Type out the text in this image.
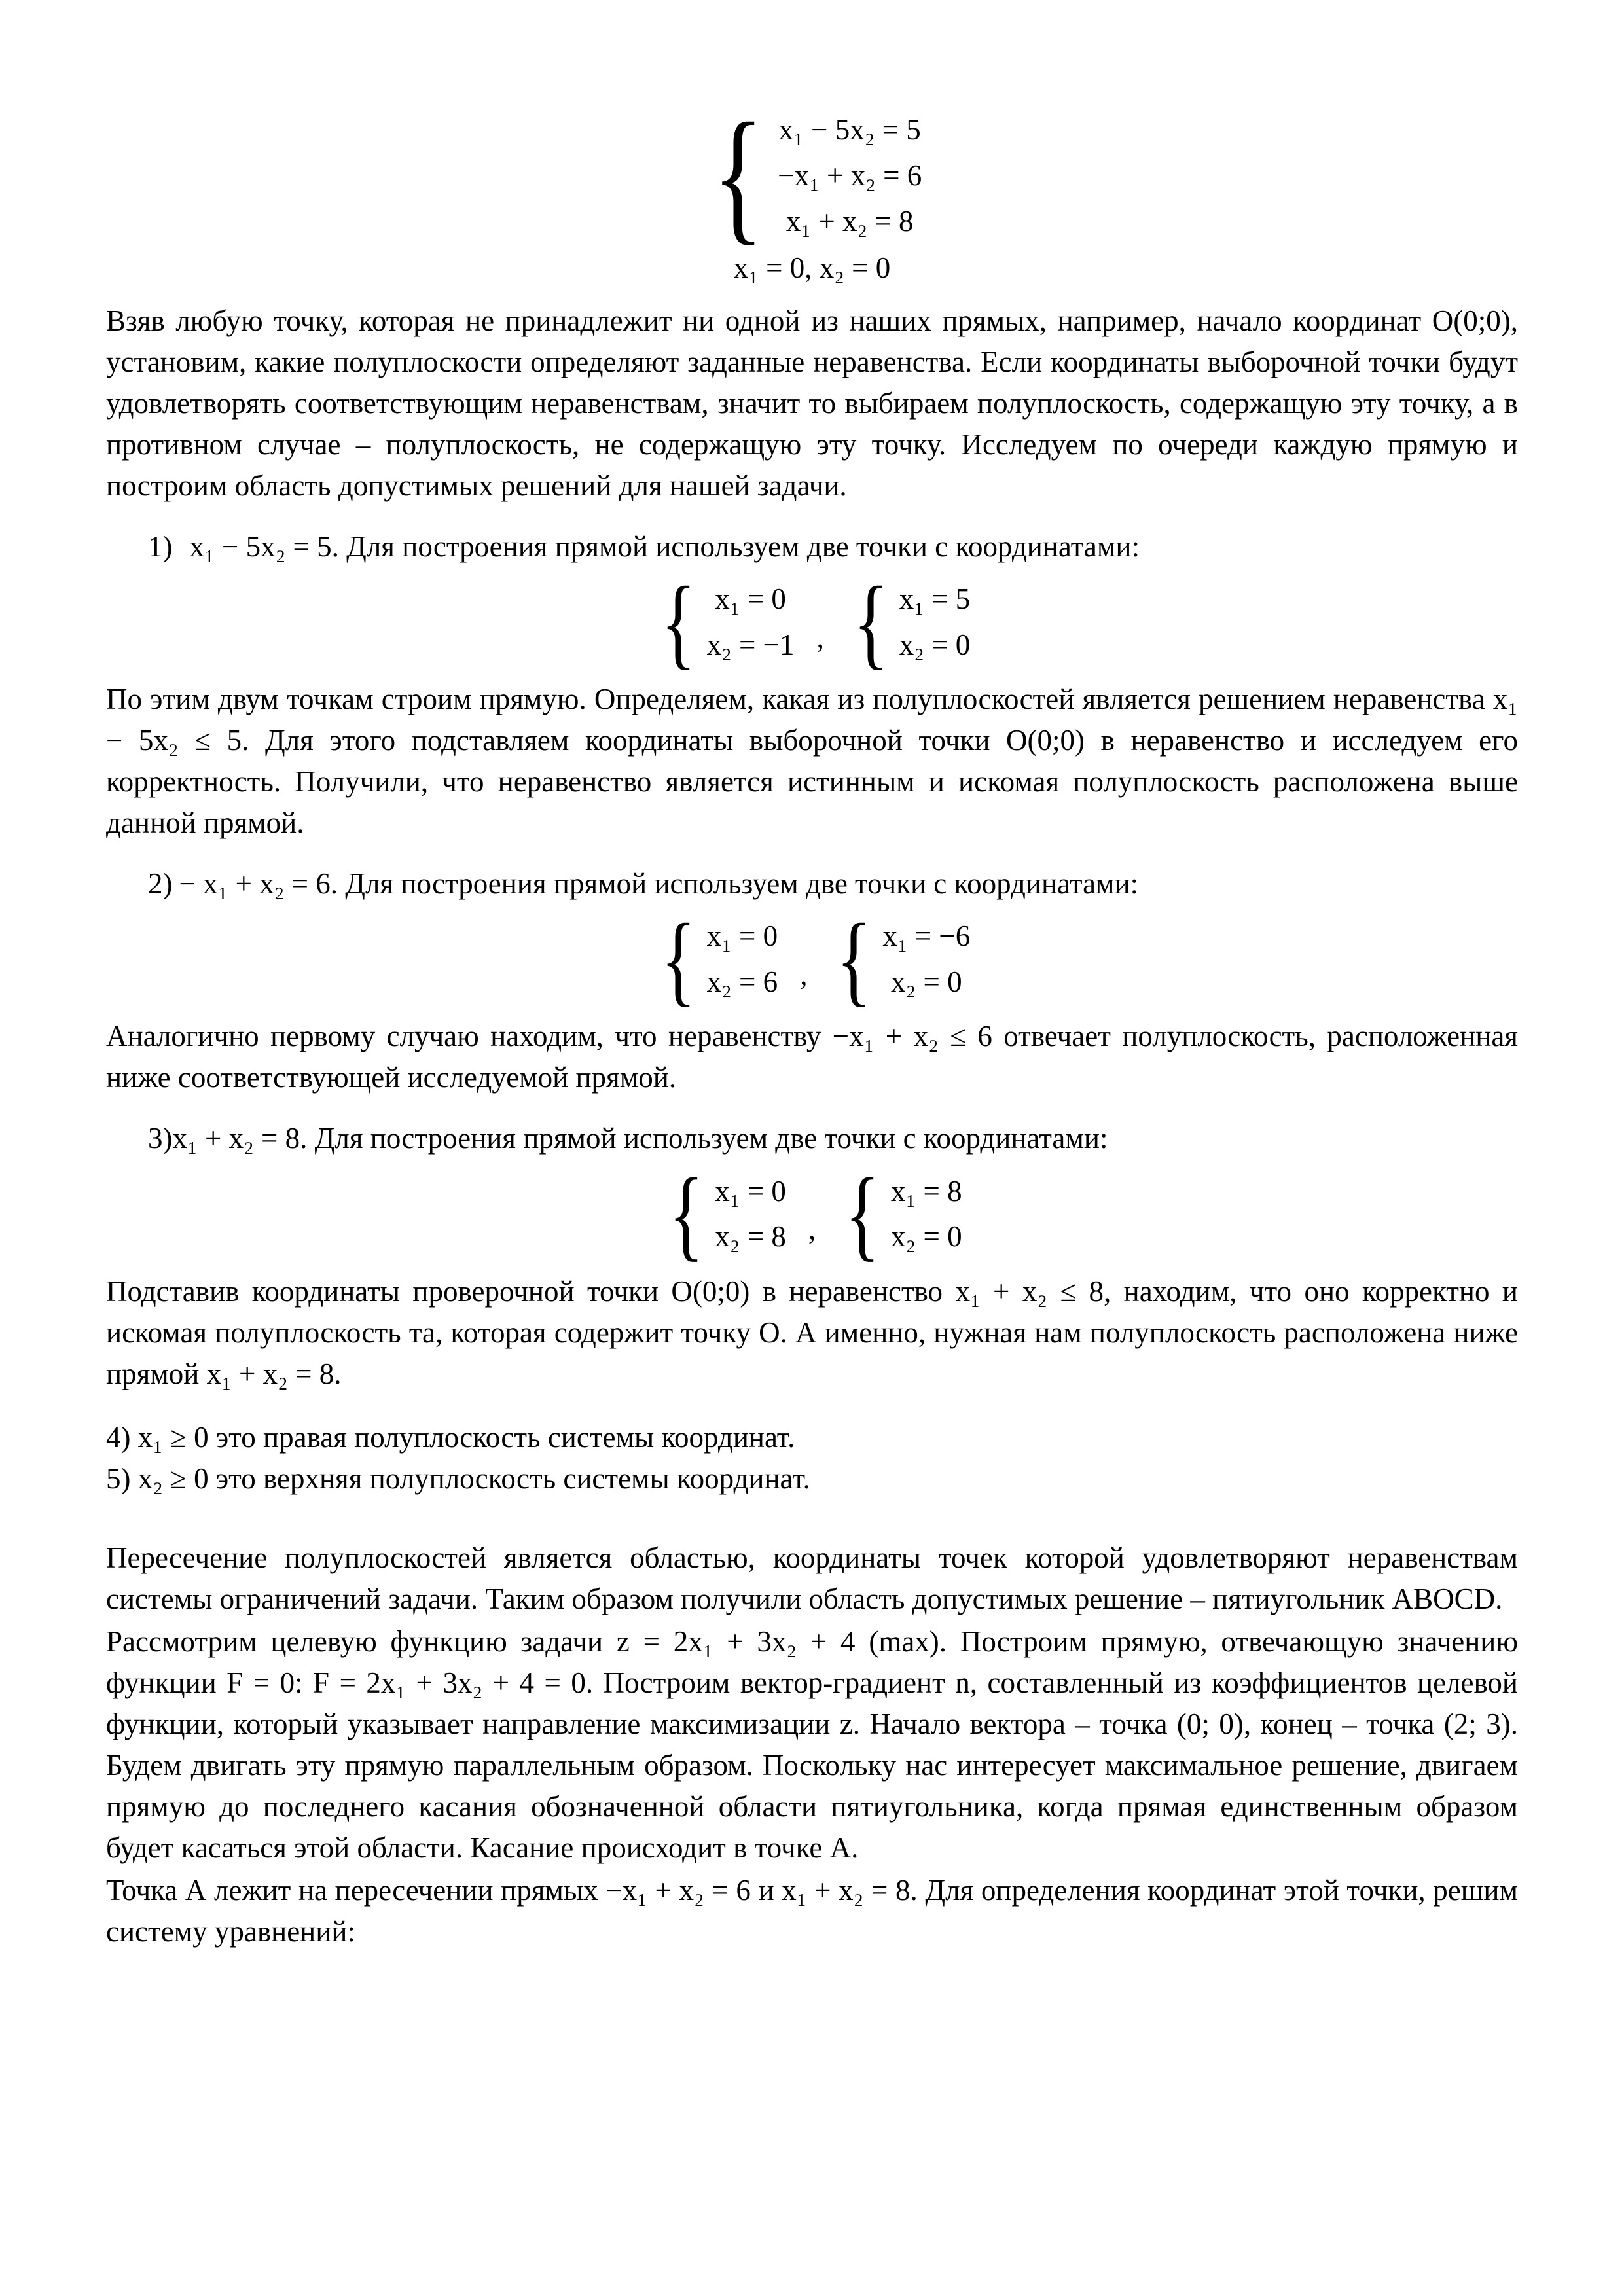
{ x₁ − 5x₂ = 5
−x₁ + x₂ = 6
x₁ + x₂ = 8
x₁ = 0, x₂ = 0

Взяв любую точку, которая не принадлежит ни одной из наших прямых, например, начало координат О(0;0), установим, какие полуплоскости определяют заданные неравенства. Если координаты выборочной точки будут удовлетворять соответствующим неравенствам, значит то выбираем полуплоскость, содержащую эту точку, а в противном случае – полуплоскость, не содержащую эту точку. Исследуем по очереди каждую прямую и построим область допустимых решений для нашей задачи.

1) x₁ − 5x₂ = 5. Для построения прямой используем две точки с координатами:

{ x₁ = 0
x₂ = −1 , { x₁ = 5
x₂ = 0

По этим двум точкам строим прямую. Определяем, какая из полуплоскостей является решением неравенства x₁ − 5x₂ ≤ 5. Для этого подставляем координаты выборочной точки О(0;0) в неравенство и исследуем его корректность. Получили, что неравенство является истинным и искомая полуплоскость расположена выше данной прямой.

2) − x₁ + x₂ = 6. Для построения прямой используем две точки с координатами:

{ x₁ = 0
x₂ = 6 , { x₁ = −6
x₂ = 0

Аналогично первому случаю находим, что неравенству −x₁ + x₂ ≤ 6 отвечает полуплоскость, расположенная ниже соответствующей исследуемой прямой.

3)x₁ + x₂ = 8. Для построения прямой используем две точки с координатами:

{ x₁ = 0
x₂ = 8 , { x₁ = 8
x₂ = 0

Подставив координаты проверочной точки О(0;0) в неравенство x₁ + x₂ ≤ 8, находим, что оно корректно и искомая полуплоскость та, которая содержит точку О. А именно, нужная нам полуплоскость расположена ниже прямой x₁ + x₂ = 8.

4) x₁ ≥ 0 это правая полуплоскость системы координат.

5) x₂ ≥ 0 это верхняя полуплоскость системы координат.

Пересечение полуплоскостей является областью, координаты точек которой удовлетворяют неравенствам системы ограничений задачи. Таким образом получили область допустимых решение – пятиугольник ABOCD.

Рассмотрим целевую функцию задачи z = 2x₁ + 3x₂ + 4 (max). Построим прямую, отвечающую значению функции F = 0: F = 2x₁ + 3x₂ + 4 = 0. Построим вектор-градиент n, составленный из коэффициентов целевой функции, который указывает направление максимизации z. Начало вектора – точка (0; 0), конец – точка (2; 3). Будем двигать эту прямую параллельным образом. Поскольку нас интересует максимальное решение, двигаем прямую до последнего касания обозначенной области пятиугольника, когда прямая единственным образом будет касаться этой области. Касание происходит в точке А.

Точка А лежит на пересечении прямых −x₁ + x₂ = 6 и x₁ + x₂ = 8. Для определения координат этой точки, решим систему уравнений:
